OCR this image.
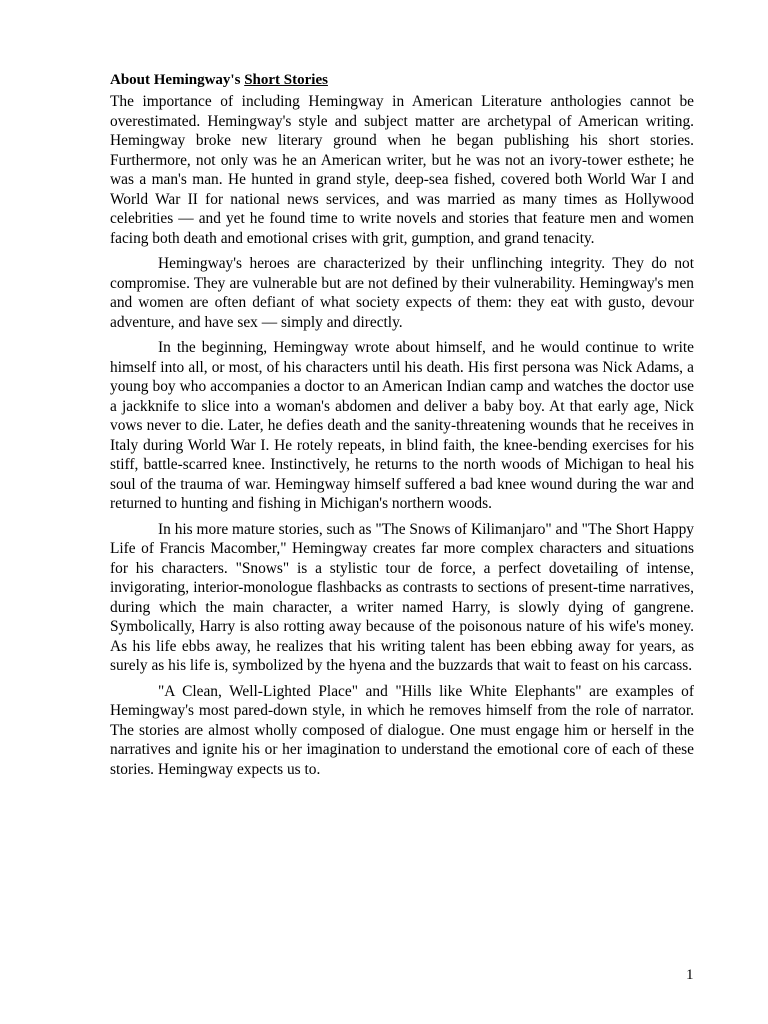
About Hemingway's Short Stories

The importance of including Hemingway in American Literature anthologies cannot be overestimated. Hemingway's style and subject matter are archetypal of American writing. Hemingway broke new literary ground when he began publishing his short stories. Furthermore, not only was he an American writer, but he was not an ivory-tower esthete; he was a man's man. He hunted in grand style, deep-sea fished, covered both World War I and World War II for national news services, and was married as many times as Hollywood celebrities — and yet he found time to write novels and stories that feature men and women facing both death and emotional crises with grit, gumption, and grand tenacity.

Hemingway's heroes are characterized by their unflinching integrity. They do not compromise. They are vulnerable but are not defined by their vulnerability. Hemingway's men and women are often defiant of what society expects of them: they eat with gusto, devour adventure, and have sex — simply and directly.

In the beginning, Hemingway wrote about himself, and he would continue to write himself into all, or most, of his characters until his death. His first persona was Nick Adams, a young boy who accompanies a doctor to an American Indian camp and watches the doctor use a jackknife to slice into a woman's abdomen and deliver a baby boy. At that early age, Nick vows never to die. Later, he defies death and the sanity-threatening wounds that he receives in Italy during World War I. He rotely repeats, in blind faith, the knee-bending exercises for his stiff, battle-scarred knee. Instinctively, he returns to the north woods of Michigan to heal his soul of the trauma of war. Hemingway himself suffered a bad knee wound during the war and returned to hunting and fishing in Michigan's northern woods.

In his more mature stories, such as "The Snows of Kilimanjaro" and "The Short Happy Life of Francis Macomber," Hemingway creates far more complex characters and situations for his characters. "Snows" is a stylistic tour de force, a perfect dovetailing of intense, invigorating, interior-monologue flashbacks as contrasts to sections of present-time narratives, during which the main character, a writer named Harry, is slowly dying of gangrene. Symbolically, Harry is also rotting away because of the poisonous nature of his wife's money. As his life ebbs away, he realizes that his writing talent has been ebbing away for years, as surely as his life is, symbolized by the hyena and the buzzards that wait to feast on his carcass.

"A Clean, Well-Lighted Place" and "Hills like White Elephants" are examples of Hemingway's most pared-down style, in which he removes himself from the role of narrator. The stories are almost wholly composed of dialogue. One must engage him or herself in the narratives and ignite his or her imagination to understand the emotional core of each of these stories. Hemingway expects us to.

1
